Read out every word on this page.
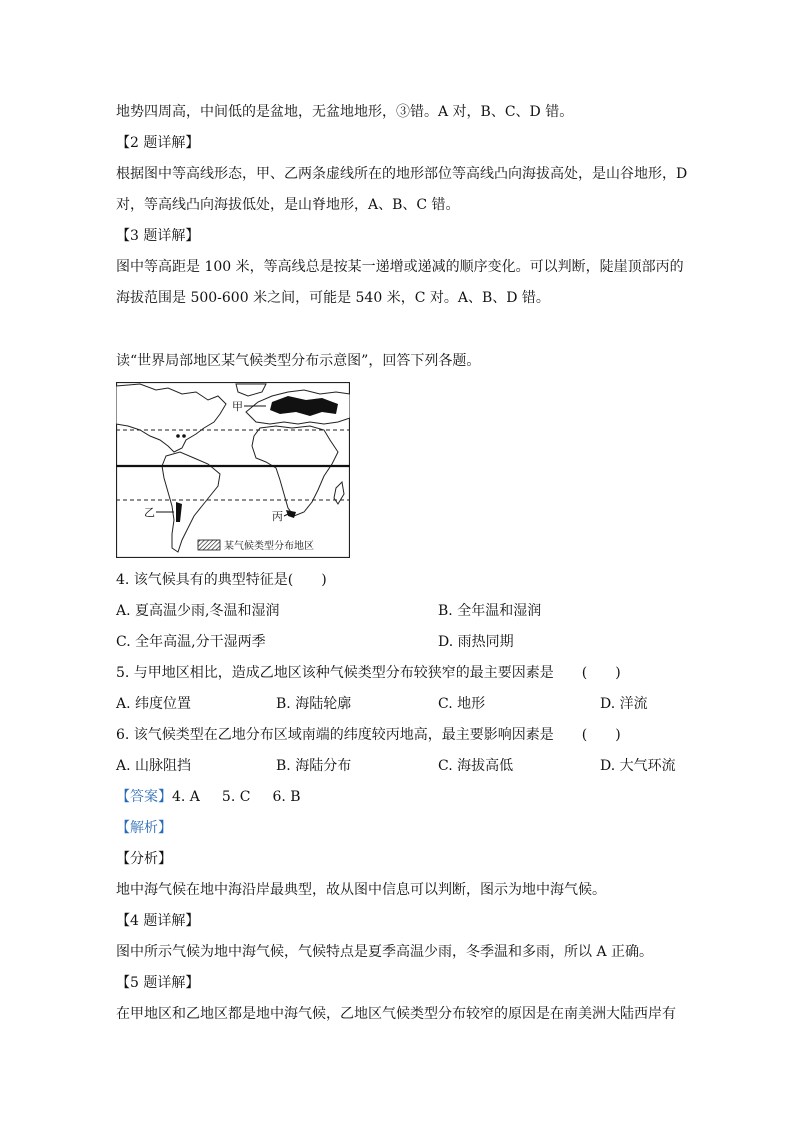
地势四周高，中间低的是盆地，无盆地地形，③错。A 对，B、C、D 错。
【2 题详解】
根据图中等高线形态，甲、乙两条虚线所在的地形部位等高线凸向海拔高处，是山谷地形，D
对，等高线凸向海拔低处，是山脊地形，A、B、C 错。
【3 题详解】
图中等高距是 100 米，等高线总是按某一递增或递减的顺序变化。可以判断，陡崖顶部丙的
海拔范围是 500-600 米之间，可能是 540 米，C 对。A、B、D 错。
读“世界局部地区某气候类型分布示意图”，回答下列各题。
甲
乙	丙
某气候类型分布地区
4. 该气候具有的典型特征是(　　)
A. 夏高温少雨,冬温和湿润	B. 全年温和湿润
C. 全年高温,分干湿两季	D. 雨热同期
5. 与甲地区相比，造成乙地区该种气候类型分布较狭窄的最主要因素是　　(　　)
A. 纬度位置	B. 海陆轮廓	C. 地形	D. 洋流
6. 该气候类型在乙地分布区域南端的纬度较丙地高，最主要影响因素是　　(　　)
A. 山脉阻挡	B. 海陆分布	C. 海拔高低	D. 大气环流
【答案】4. A 5. C 6. B
【解析】
【分析】
地中海气候在地中海沿岸最典型，故从图中信息可以判断，图示为地中海气候。
【4 题详解】
图中所示气候为地中海气候，气候特点是夏季高温少雨，冬季温和多雨，所以 A 正确。
【5 题详解】
在甲地区和乙地区都是地中海气候，乙地区气候类型分布较窄的原因是在南美洲大陆西岸有
